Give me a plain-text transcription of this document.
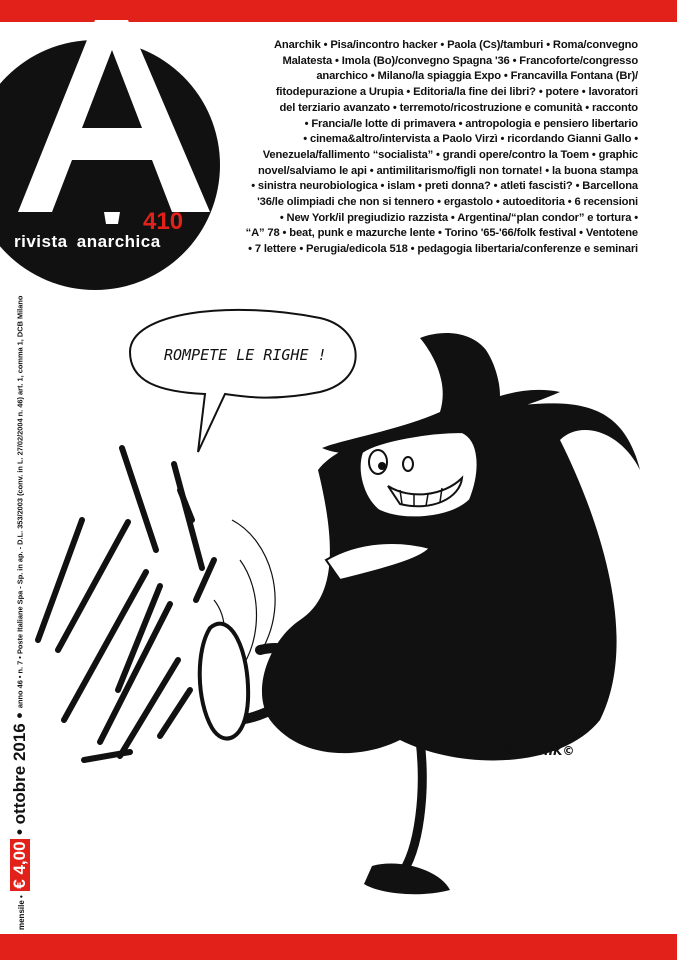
410
rivista anarchica
Anarchik • Pisa/incontro hacker • Paola (Cs)/tamburi • Roma/convegno
Malatesta • Imola (Bo)/convegno Spagna '36 • Francoforte/congresso
anarchico • Milano/la spiaggia Expo • Francavilla Fontana (Br)/
fitodepurazione a Urupia • Editoria/la fine dei libri? • potere • lavoratori
del terziario avanzato • terremoto/ricostruzione e comunità • racconto
• Francia/le lotte di primavera • antropologia e pensiero libertario
• cinema&altro/intervista a Paolo Virzì • ricordando Gianni Gallo •
Venezuela/fallimento “socialista” • grandi opere/contro la Toem • graphic
novel/salviamo le api • antimilitarismo/figli non tornate! • la buona stampa
• sinistra neurobiologica • islam • preti donna? • atleti fascisti? • Barcellona
'36/le olimpiadi che non si tennero • ergastolo • autoeditoria • 6 recensioni
• New York/il pregiudizio razzista • Argentina/“plan condor” e tortura •
“A” 78 • beat, punk e mazurche lente • Torino '65-'66/folk festival • Ventotene
• 7 lettere • Perugia/edicola 518 • pedagogia libertaria/conferenze e seminari
mensile • € 4,00 • ottobre 2016 • anno 46 • n. 7 • Poste Italiane Spa - Sp. in ap. - D.L. 353/2003 (conv. in L. 27/02/2004 n. 46) art. 1, comma 1, DCB Milano	ROMPETE LE RIGHE !
ANARCHIK©
